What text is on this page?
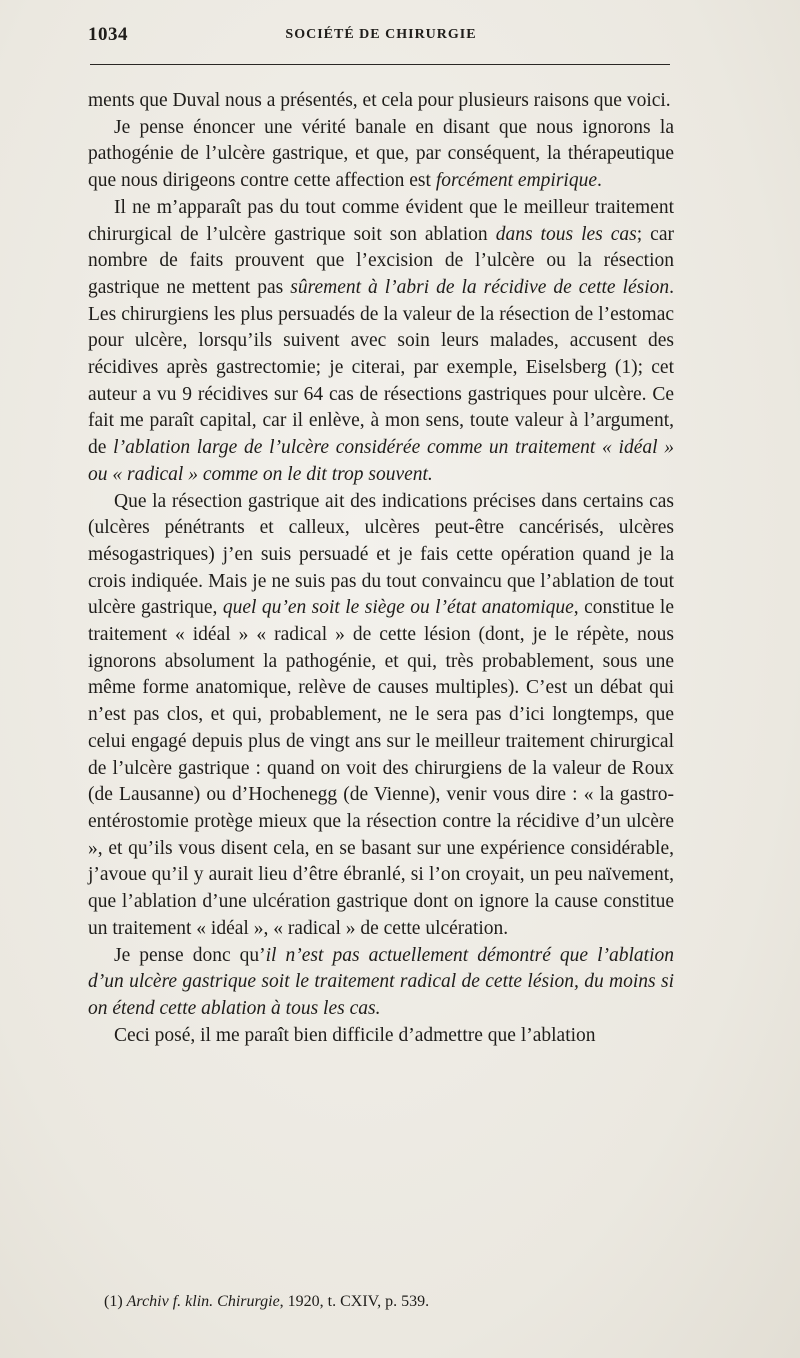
1034	SOCIÉTÉ DE CHIRURGIE

ments que Duval nous a présentés, et cela pour plusieurs raisons que voici.

Je pense énoncer une vérité banale en disant que nous ignorons la pathogénie de l’ulcère gastrique, et que, par conséquent, la thérapeutique que nous dirigeons contre cette affection est forcément empirique.

Il ne m’apparaît pas du tout comme évident que le meilleur traitement chirurgical de l’ulcère gastrique soit son ablation dans tous les cas; car nombre de faits prouvent que l’excision de l’ulcère ou la résection gastrique ne mettent pas sûrement à l’abri de la récidive de cette lésion. Les chirurgiens les plus persuadés de la valeur de la résection de l’estomac pour ulcère, lorsqu’ils suivent avec soin leurs malades, accusent des récidives après gastrectomie; je citerai, par exemple, Eiselsberg (1); cet auteur a vu 9 récidives sur 64 cas de résections gastriques pour ulcère. Ce fait me paraît capital, car il enlève, à mon sens, toute valeur à l’argument, de l’ablation large de l’ulcère considérée comme un traitement « idéal » ou « radical » comme on le dit trop souvent.

Que la résection gastrique ait des indications précises dans certains cas (ulcères pénétrants et calleux, ulcères peut-être cancérisés, ulcères mésogastriques) j’en suis persuadé et je fais cette opération quand je la crois indiquée. Mais je ne suis pas du tout convaincu que l’ablation de tout ulcère gastrique, quel qu’en soit le siège ou l’état anatomique, constitue le traitement « idéal » « radical » de cette lésion (dont, je le répète, nous ignorons absolument la pathogénie, et qui, très probablement, sous une même forme anatomique, relève de causes multiples). C’est un débat qui n’est pas clos, et qui, probablement, ne le sera pas d’ici longtemps, que celui engagé depuis plus de vingt ans sur le meilleur traitement chirurgical de l’ulcère gastrique : quand on voit des chirurgiens de la valeur de Roux (de Lausanne) ou d’Hochenegg (de Vienne), venir vous dire : « la gastro-entérostomie protège mieux que la résection contre la récidive d’un ulcère », et qu’ils vous disent cela, en se basant sur une expérience considérable, j’avoue qu’il y aurait lieu d’être ébranlé, si l’on croyait, un peu naïvement, que l’ablation d’une ulcération gastrique dont on ignore la cause constitue un traitement « idéal », « radical » de cette ulcération.

Je pense donc qu’il n’est pas actuellement démontré que l’ablation d’un ulcère gastrique soit le traitement radical de cette lésion, du moins si on étend cette ablation à tous les cas.

Ceci posé, il me paraît bien difficile d’admettre que l’ablation

(1) Archiv f. klin. Chirurgie, 1920, t. CXIV, p. 539.
